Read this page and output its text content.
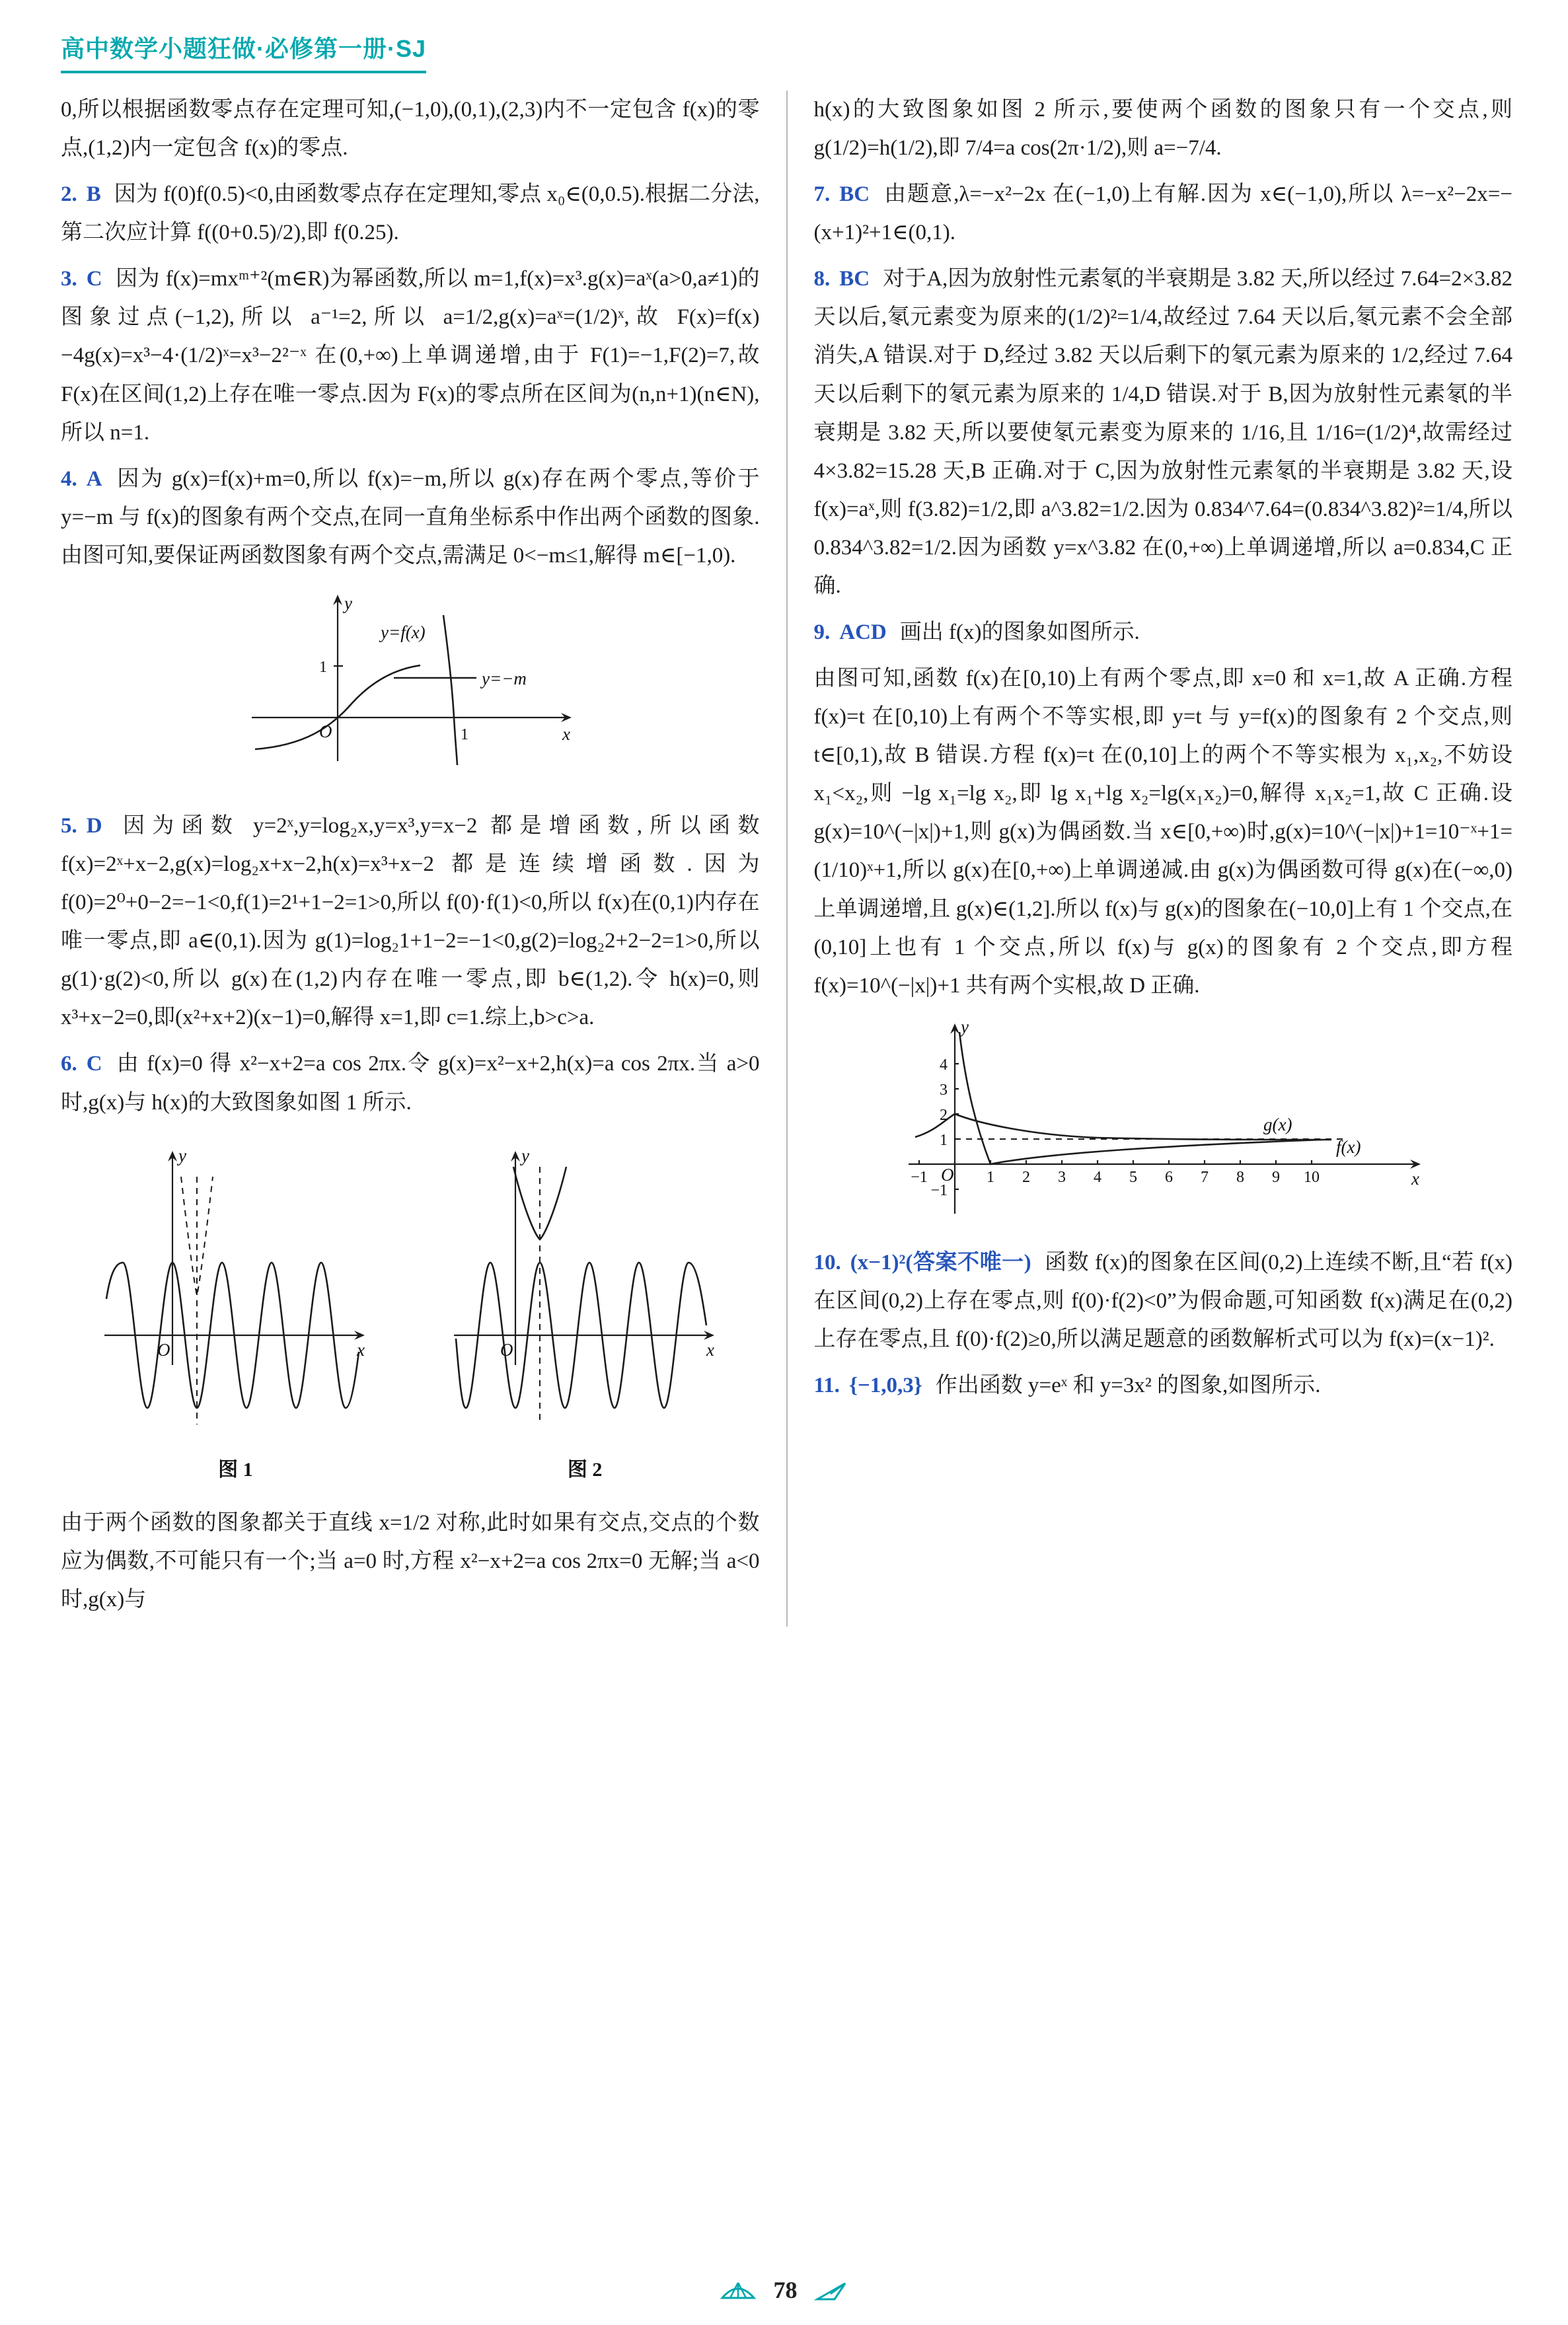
高中数学小题狂做·必修第一册·SJ

0,所以根据函数零点存在定理可知,(−1,0),(0,1),(2,3)内不一定包含 f(x)的零点,(1,2)内一定包含 f(x)的零点.

2. B 因为 f(0)f(0.5)<0,由函数零点存在定理知,零点 x₀∈(0,0.5).根据二分法,第二次应计算 f((0+0.5)/2),即 f(0.25).

3. C 因为 f(x)=mxᵐ⁺²(m∈R)为幂函数,所以 m=1,f(x)=x³.g(x)=aˣ(a>0,a≠1)的图象过点(−1,2),所以 a⁻¹=2,所以 a=1/2,g(x)=aˣ=(1/2)ˣ,故 F(x)=f(x)−4g(x)=x³−4·(1/2)ˣ=x³−2²⁻ˣ 在(0,+∞)上单调递增,由于 F(1)=−1,F(2)=7,故 F(x)在区间(1,2)上存在唯一零点.因为 F(x)的零点所在区间为(n,n+1)(n∈N),所以 n=1.

4. A 因为 g(x)=f(x)+m=0,所以 f(x)=−m,所以 g(x)存在两个零点,等价于 y=−m 与 f(x)的图象有两个交点,在同一直角坐标系中作出两个函数的图象.由图可知,要保证两函数图象有两个交点,需满足 0<−m≤1,解得 m∈[−1,0).

y
x
O
1
1
y=f(x)
y=−m

5. D 因为函数 y=2ˣ,y=log₂x,y=x³,y=x−2 都是增函数,所以函数 f(x)=2ˣ+x−2,g(x)=log₂x+x−2,h(x)=x³+x−2 都是连续增函数.因为 f(0)=2⁰+0−2=−1<0,f(1)=2¹+1−2=1>0,所以 f(0)·f(1)<0,所以 f(x)在(0,1)内存在唯一零点,即 a∈(0,1).因为 g(1)=log₂1+1−2=−1<0,g(2)=log₂2+2−2=1>0,所以 g(1)·g(2)<0,所以 g(x)在(1,2)内存在唯一零点,即 b∈(1,2).令 h(x)=0,则 x³+x−2=0,即(x²+x+2)(x−1)=0,解得 x=1,即 c=1.综上,b>c>a.

6. C 由 f(x)=0 得 x²−x+2=a cos 2πx.令 g(x)=x²−x+2,h(x)=a cos 2πx.当 a>0 时,g(x)与 h(x)的大致图象如图 1 所示.

y
x
O
图 1
y
x
O
图 2

由于两个函数的图象都关于直线 x=1/2 对称,此时如果有交点,交点的个数应为偶数,不可能只有一个;当 a=0 时,方程 x²−x+2=a cos 2πx=0 无解;当 a<0 时,g(x)与

h(x)的大致图象如图 2 所示,要使两个函数的图象只有一个交点,则 g(1/2)=h(1/2),即 7/4=a cos(2π·1/2),则 a=−7/4.

7. BC 由题意,λ=−x²−2x 在(−1,0)上有解.因为 x∈(−1,0),所以 λ=−x²−2x=−(x+1)²+1∈(0,1).

8. BC 对于A,因为放射性元素氡的半衰期是 3.82 天,所以经过 7.64=2×3.82 天以后,氡元素变为原来的(1/2)²=1/4,故经过 7.64 天以后,氡元素不会全部消失,A 错误.对于 D,经过 3.82 天以后剩下的氡元素为原来的 1/2,经过 7.64 天以后剩下的氡元素为原来的 1/4,D 错误.对于 B,因为放射性元素氡的半衰期是 3.82 天,所以要使氡元素变为原来的 1/16,且 1/16=(1/2)⁴,故需经过 4×3.82=15.28 天,B 正确.对于 C,因为放射性元素氡的半衰期是 3.82 天,设 f(x)=aˣ,则 f(3.82)=1/2,即 a^3.82=1/2.因为 0.834^7.64=(0.834^3.82)²=1/4,所以 0.834^3.82=1/2.因为函数 y=x^3.82 在(0,+∞)上单调递增,所以 a=0.834,C 正确.

9. ACD 画出 f(x)的图象如图所示.

由图可知,函数 f(x)在[0,10)上有两个零点,即 x=0 和 x=1,故 A 正确.方程 f(x)=t 在[0,10)上有两个不等实根,即 y=t 与 y=f(x)的图象有 2 个交点,则 t∈[0,1),故 B 错误.方程 f(x)=t 在(0,10]上的两个不等实根为 x₁,x₂,不妨设 x₁<x₂,则 −lg x₁=lg x₂,即 lg x₁+lg x₂=lg(x₁x₂)=0,解得 x₁x₂=1,故 C 正确.设 g(x)=10^(−|x|)+1,则 g(x)为偶函数.当 x∈[0,+∞)时,g(x)=10^(−|x|)+1=10⁻ˣ+1=(1/10)ˣ+1,所以 g(x)在[0,+∞)上单调递减.由 g(x)为偶函数可得 g(x)在(−∞,0)上单调递增,且 g(x)∈(1,2].所以 f(x)与 g(x)的图象在(−10,0]上有 1 个交点,在(0,10]上也有 1 个交点,所以 f(x)与 g(x)的图象有 2 个交点,即方程 f(x)=10^(−|x|)+1 共有两个实根,故 D 正确.

y
x
O
4
3
2
1
−1
−1	1 2 3 4 5 6 7 8 9 10
g(x)
f(x)

10. (x−1)²(答案不唯一) 函数 f(x)的图象在区间(0,2)上连续不断,且“若 f(x)在区间(0,2)上存在零点,则 f(0)·f(2)<0”为假命题,可知函数 f(x)满足在(0,2)上存在零点,且 f(0)·f(2)≥0,所以满足题意的函数解析式可以为 f(x)=(x−1)².

11. {−1,0,3} 作出函数 y=eˣ 和 y=3x² 的图象,如图所示.

78
